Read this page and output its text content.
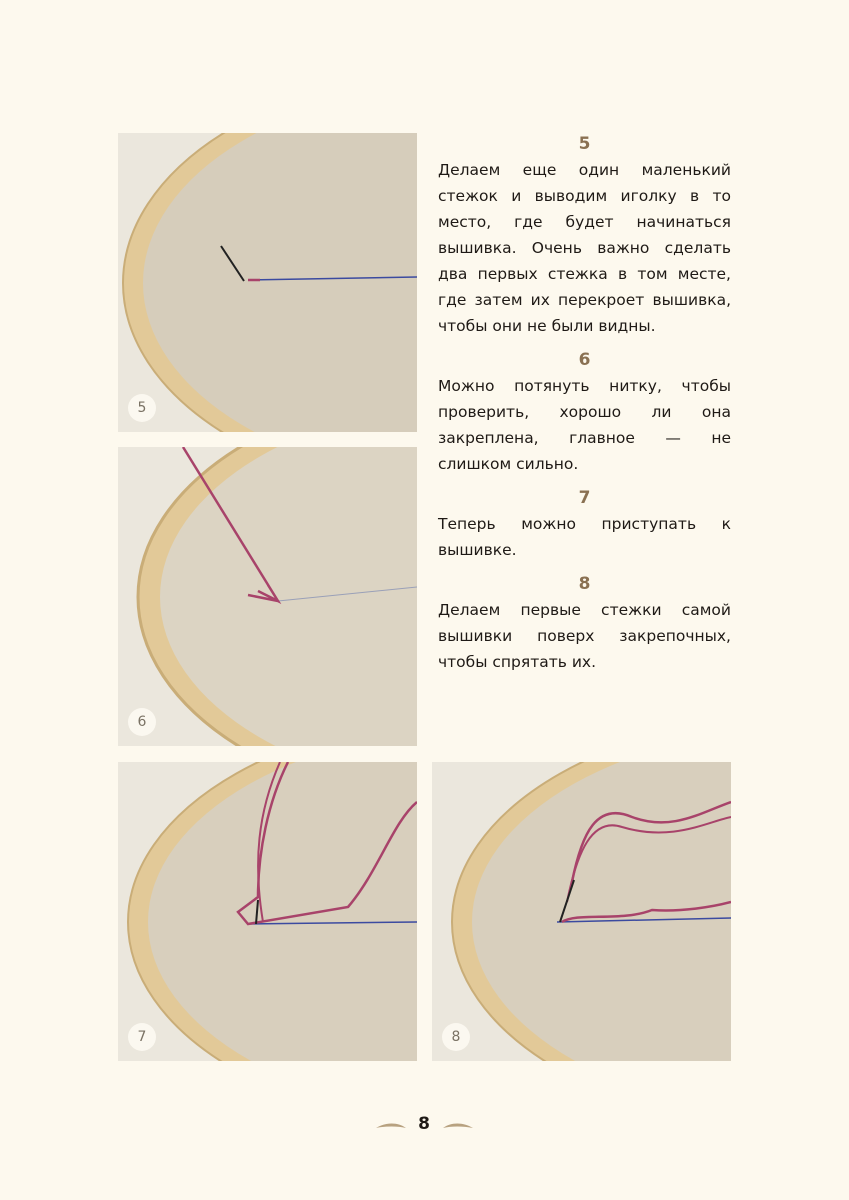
5
6
7	8

5

Делаем еще один маленький стежок и выводим иголку в то место, где будет начинаться вышивка. Очень важно сделать два первых стежка в том месте, где затем их перекроет вышивка, чтобы они не были видны.

6

Можно потянуть нитку, чтобы проверить, хорошо ли она закреплена, главное — не слишком сильно.

7

Теперь можно приступать к вышивке.

8

Делаем первые стежки самой вышивки поверх закрепочных, чтобы спрятать их.

8
